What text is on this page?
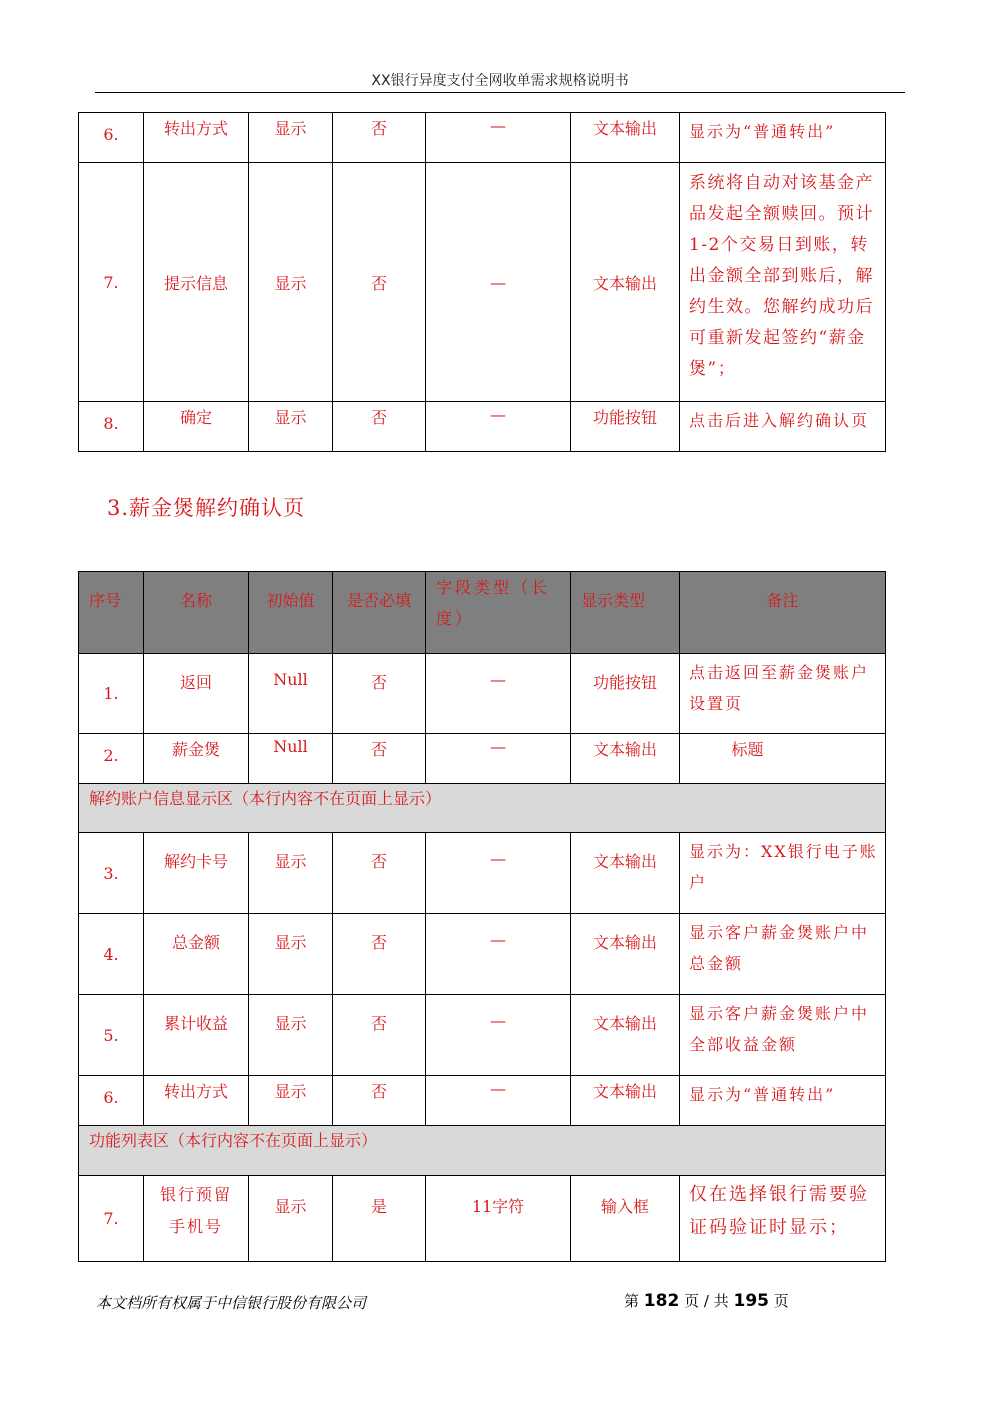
XX银行异度支付全网收单需求规格说明书
6.	转出方式	显示	否	—	文本输出	显示为“普通转出”
7.	提示信息	显示	否	—	文本输出	系统将自动对该基金产品发起全额赎回。预计1-2个交易日到账，转出金额全部到账后，解约生效。您解约成功后可重新发起签约“薪金煲”；
8.	确定	显示	否	—	功能按钮	点击后进入解约确认页
3.薪金煲解约确认页
序号	名称	初始值	是否必填	字段类型（长度）	显示类型	备注
1.	返回	Null	否	—	功能按钮	点击返回至薪金煲账户设置页
2.	薪金煲	Null	否	—	文本输出	标题
解约账户信息显示区（本行内容不在页面上显示）						
3.	解约卡号	显示	否	—	文本输出	显示为：XX银行电子账户
4.	总金额	显示	否	—	文本输出	显示客户薪金煲账户中总金额
5.	累计收益	显示	否	—	文本输出	显示客户薪金煲账户中全部收益金额
6.	转出方式	显示	否	—	文本输出	显示为“普通转出”
功能列表区（本行内容不在页面上显示）						
7.	银行预留手机号	显示	是	11字符	输入框	仅在选择银行需要验证码验证时显示；
本文档所有权属于中信银行股份有限公司	第 182 页 / 共 195 页
